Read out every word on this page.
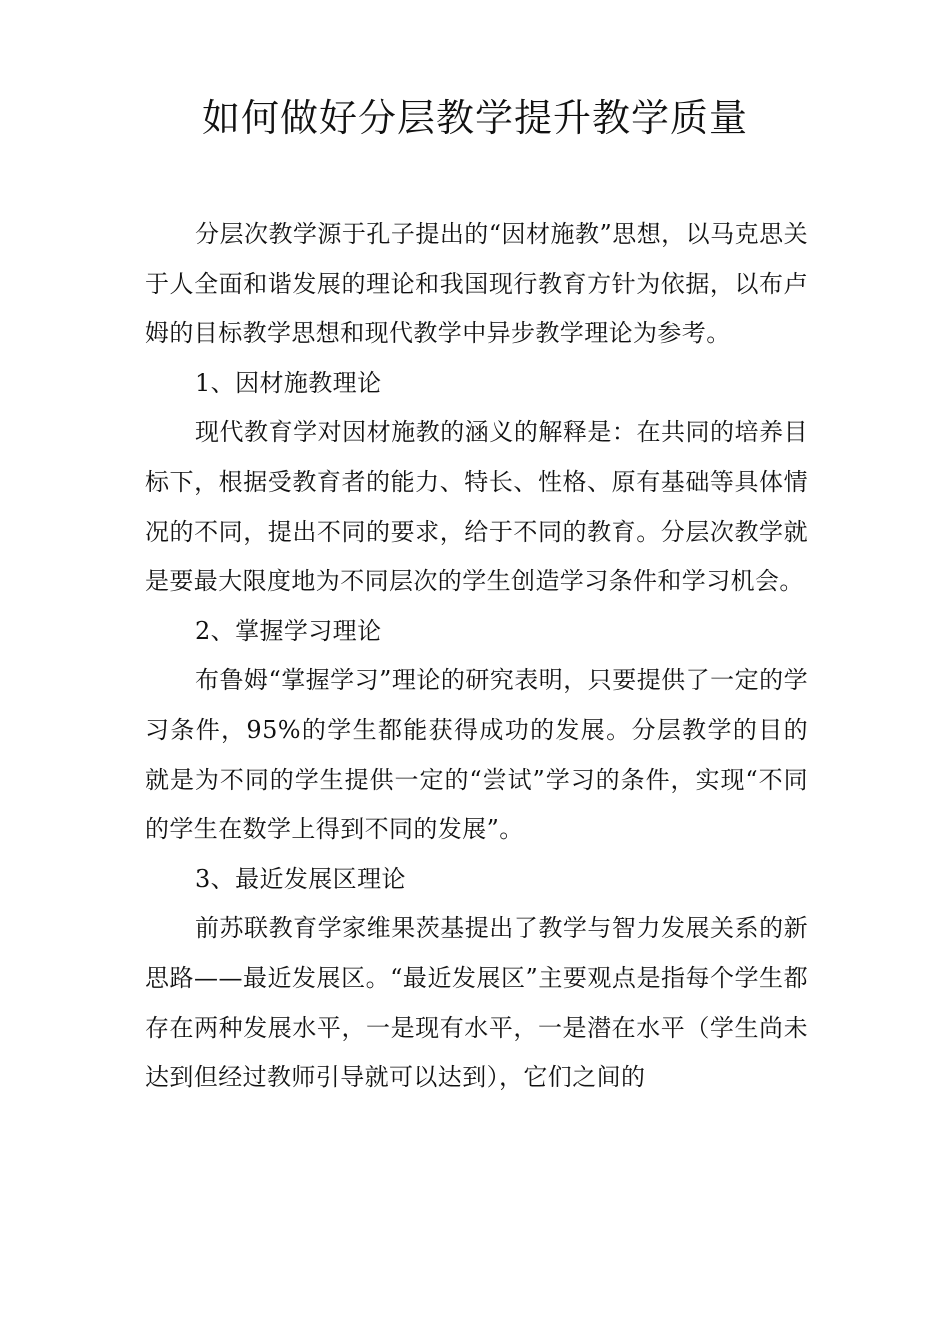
如何做好分层教学提升教学质量

分层次教学源于孔子提出的“因材施教”思想，以马克思关于人全面和谐发展的理论和我国现行教育方针为依据，以布卢姆的目标教学思想和现代教学中异步教学理论为参考。

1、因材施教理论

现代教育学对因材施教的涵义的解释是：在共同的培养目标下，根据受教育者的能力、特长、性格、原有基础等具体情况的不同，提出不同的要求，给于不同的教育。分层次教学就是要最大限度地为不同层次的学生创造学习条件和学习机会。

2、掌握学习理论

布鲁姆“掌握学习”理论的研究表明，只要提供了一定的学习条件，95%的学生都能获得成功的发展。分层教学的目的就是为不同的学生提供一定的“尝试”学习的条件，实现“不同的学生在数学上得到不同的发展”。

3、最近发展区理论

前苏联教育学家维果茨基提出了教学与智力发展关系的新思路——最近发展区。“最近发展区”主要观点是指每个学生都存在两种发展水平，一是现有水平，一是潜在水平（学生尚未达到但经过教师引导就可以达到），它们之间的
